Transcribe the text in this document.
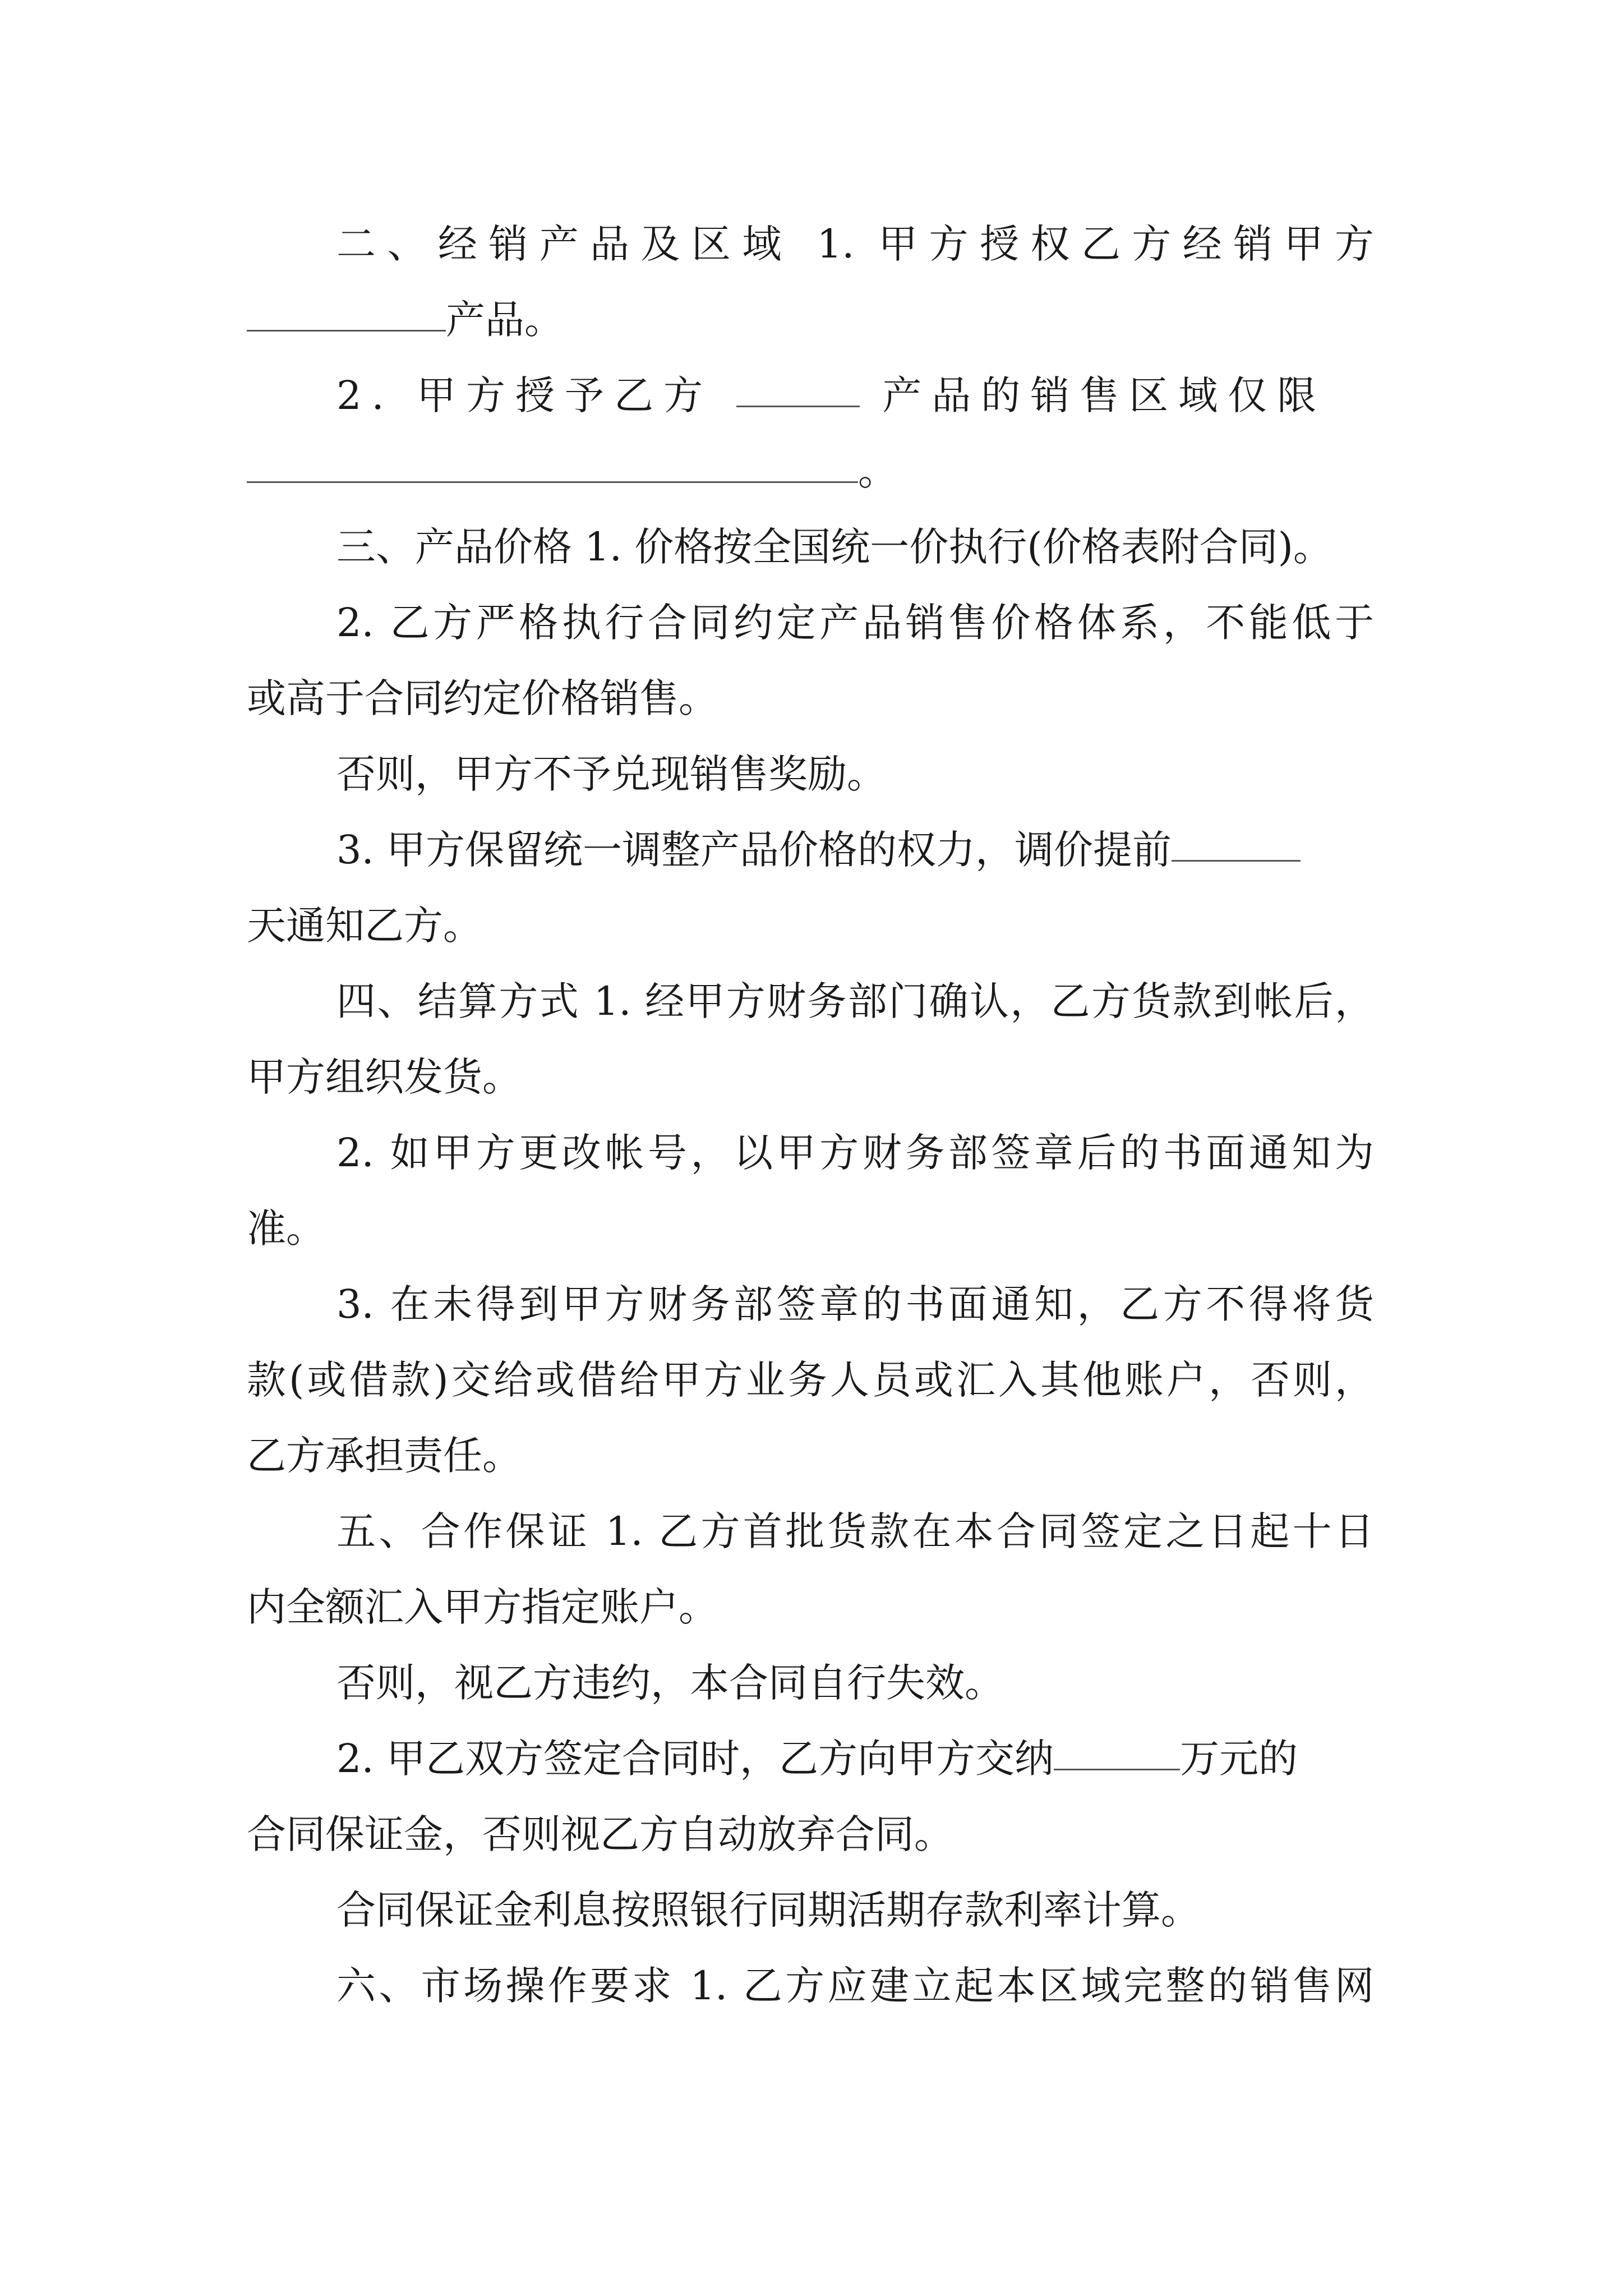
二、经销产品及区域 1. 甲方授权乙方经销甲方
产品。
2. 甲方授予乙方	产品的销售区域仅限
。
三、产品价格 1. 价格按全国统一价执行(价格表附合同)。
2. 乙方严格执行合同约定产品销售价格体系，不能低于
或高于合同约定价格销售。
否则，甲方不予兑现销售奖励。
3. 甲方保留统一调整产品价格的权力，调价提前
天通知乙方。
四、结算方式 1. 经甲方财务部门确认，乙方货款到帐后，
甲方组织发货。
2. 如甲方更改帐号，以甲方财务部签章后的书面通知为
准。
3. 在未得到甲方财务部签章的书面通知，乙方不得将货
款(或借款)交给或借给甲方业务人员或汇入其他账户，否则，
乙方承担责任。
五、合作保证 1. 乙方首批货款在本合同签定之日起十日
内全额汇入甲方指定账户。
否则，视乙方违约，本合同自行失效。
2. 甲乙双方签定合同时，乙方向甲方交纳	万元的
合同保证金，否则视乙方自动放弃合同。
合同保证金利息按照银行同期活期存款利率计算。
六、市场操作要求 1. 乙方应建立起本区域完整的销售网
